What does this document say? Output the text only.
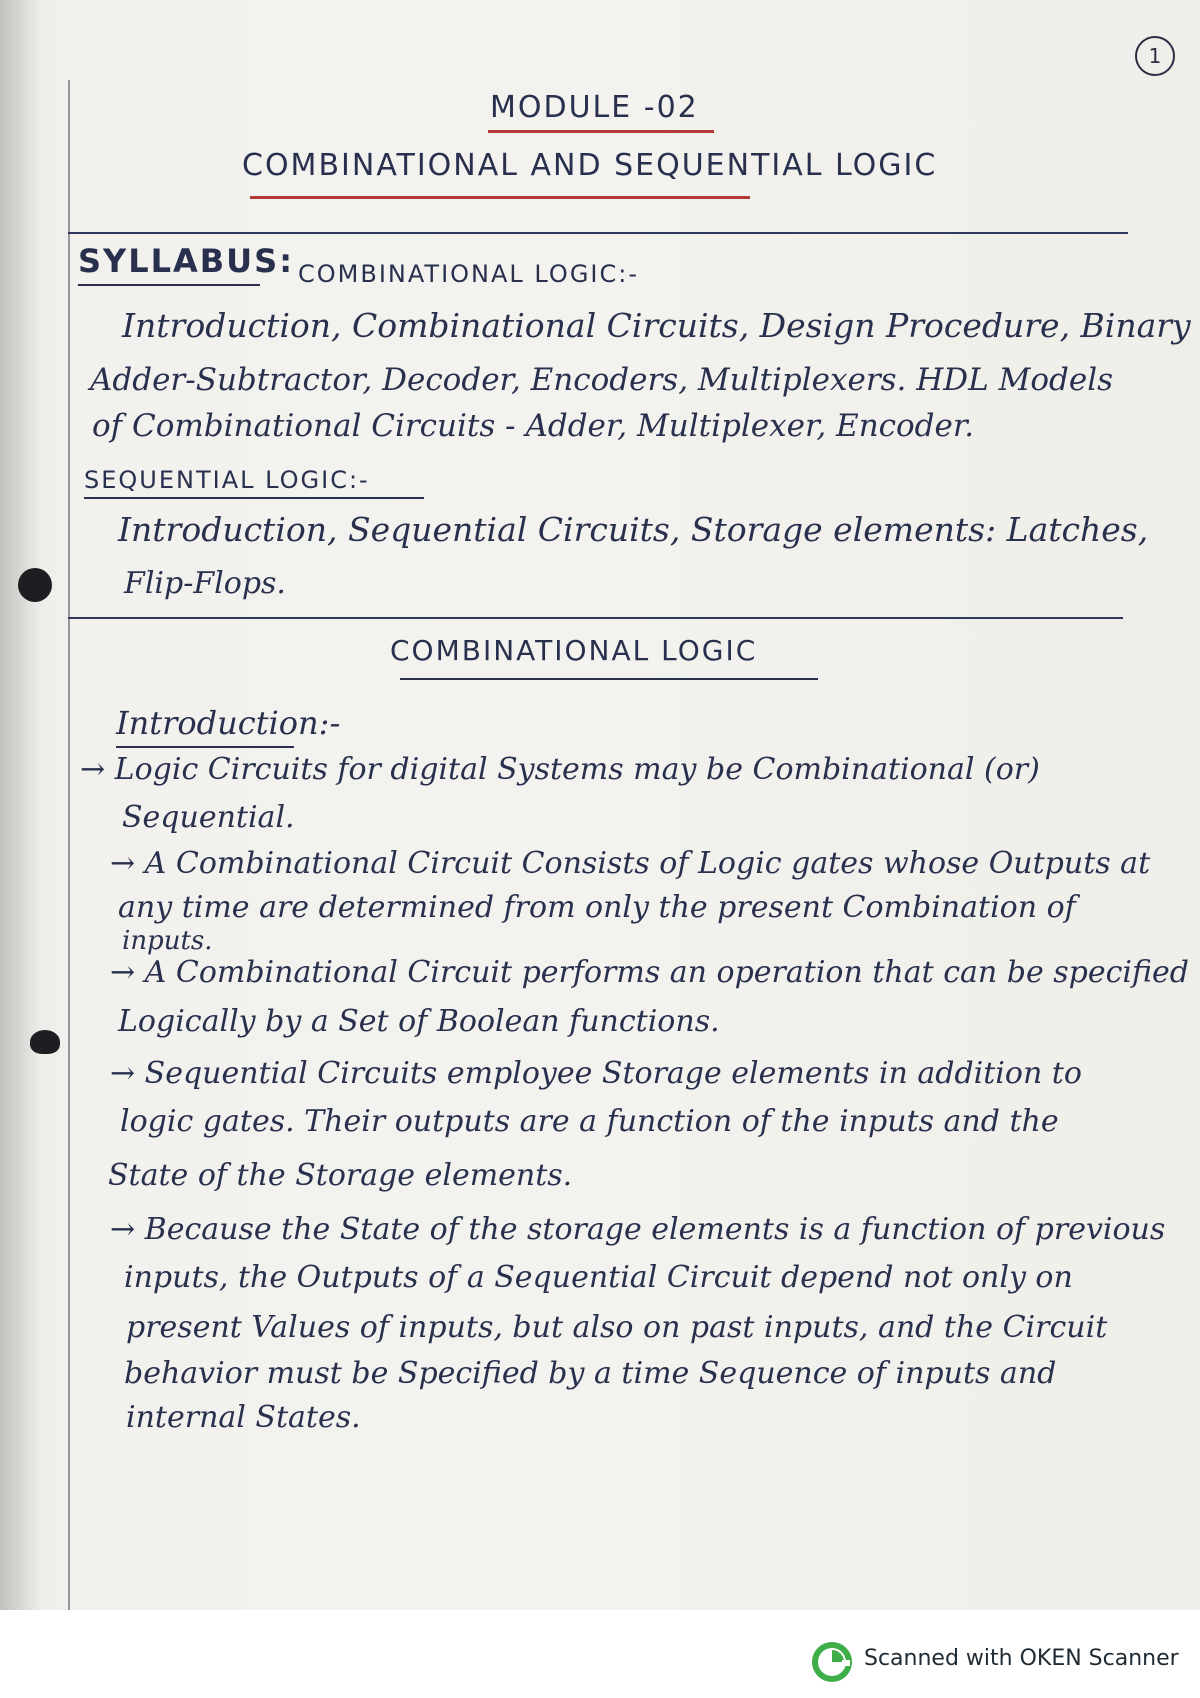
1
MODULE -02
COMBINATIONAL AND SEQUENTIAL LOGIC
SYLLABUS: COMBINATIONAL LOGIC:-
Introduction, Combinational Circuits, Design Procedure, Binary
Adder-Subtractor, Decoder, Encoders, Multiplexers. HDL Models
of Combinational Circuits - Adder, Multiplexer, Encoder.
SEQUENTIAL LOGIC:-
Introduction, Sequential Circuits, Storage elements: Latches,
Flip-Flops.
COMBINATIONAL LOGIC
Introduction:-
→ Logic Circuits for digital Systems may be Combinational (or)
Sequential.
→ A Combinational Circuit Consists of Logic gates whose Outputs at
any time are determined from only the present Combination of
inputs.
→ A Combinational Circuit performs an operation that can be specified
Logically by a Set of Boolean functions.
→ Sequential Circuits employee Storage elements in addition to
logic gates. Their outputs are a function of the inputs and the
State of the Storage elements.
→ Because the State of the storage elements is a function of previous
inputs, the Outputs of a Sequential Circuit depend not only on
present Values of inputs, but also on past inputs, and the Circuit
behavior must be Specified by a time Sequence of inputs and
internal States.
Scanned with OKEN Scanner
